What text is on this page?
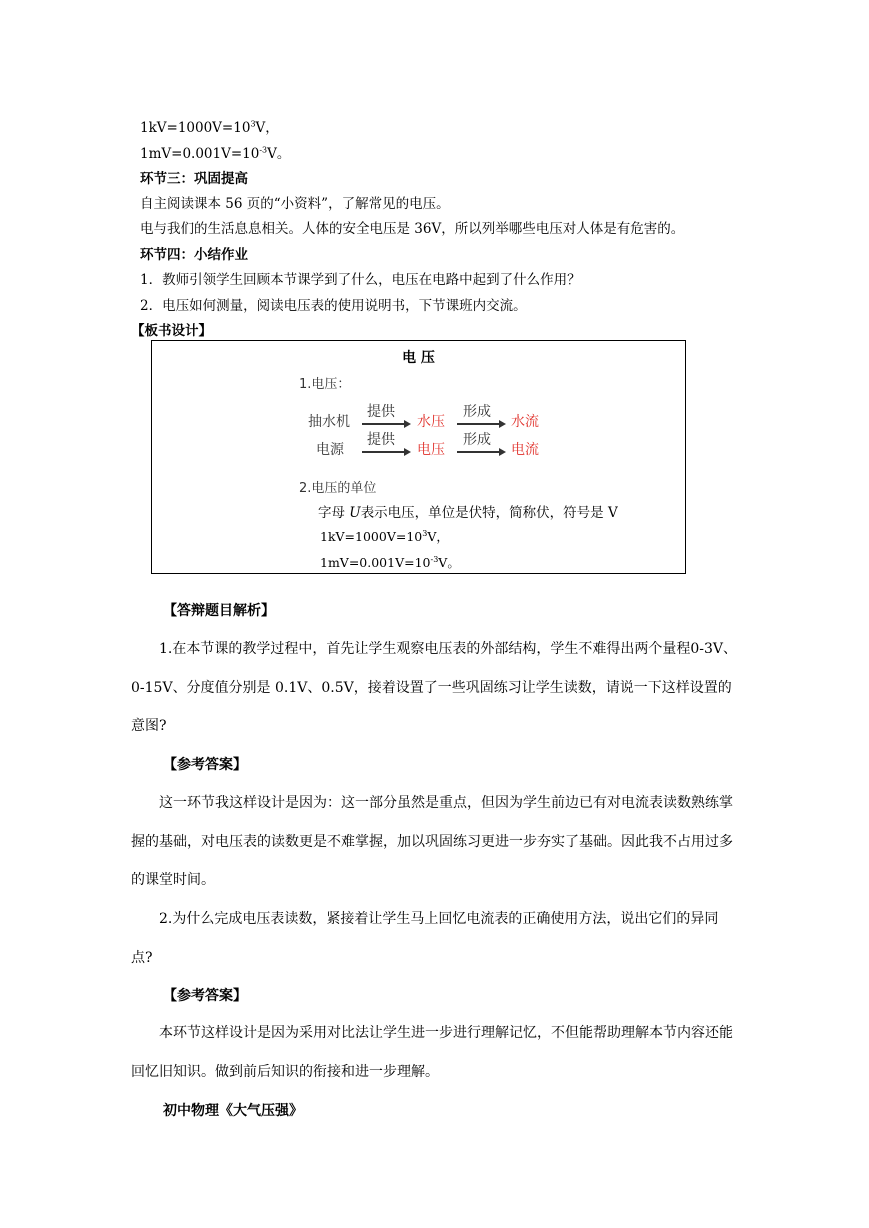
$1kV=1000V=10^3V$，
$1mV=0.001V=10^{-3}V$。
环节三：巩固提高
自主阅读课本 56 页的“小资料”，了解常见的电压。
电与我们的生活息息相关。人体的安全电压是 36V，所以列举哪些电压对人体是有危害的。
环节四：小结作业
1．教师引领学生回顾本节课学到了什么，电压在电路中起到了什么作用？
2．电压如何测量，阅读电压表的使用说明书，下节课班内交流。
【板书设计】
电 压
1.电压：
抽水机
提供
水压
形成
水流
电源
提供
电压
形成
电流
2.电压的单位
字母 U表示电压，单位是伏特，简称伏，符号是 V
$1kV=1000V=10^3V$，
$1mV=0.001V=10^{-3}V$。
【答辩题目解析】
1.在本节课的教学过程中，首先让学生观察电压表的外部结构，学生不难得出两个量程0-3V、0-15V、分度值分别是 0.1V、0.5V，接着设置了一些巩固练习让学生读数，请说一下这样设置的意图?
【参考答案】
这一环节我这样设计是因为：这一部分虽然是重点，但因为学生前边已有对电流表读数熟练掌握的基础，对电压表的读数更是不难掌握，加以巩固练习更进一步夯实了基础。因此我不占用过多的课堂时间。
2.为什么完成电压表读数，紧接着让学生马上回忆电流表的正确使用方法，说出它们的异同点?
【参考答案】
本环节这样设计是因为采用对比法让学生进一步进行理解记忆，不但能帮助理解本节内容还能回忆旧知识。做到前后知识的衔接和进一步理解。
初中物理《大气压强》
